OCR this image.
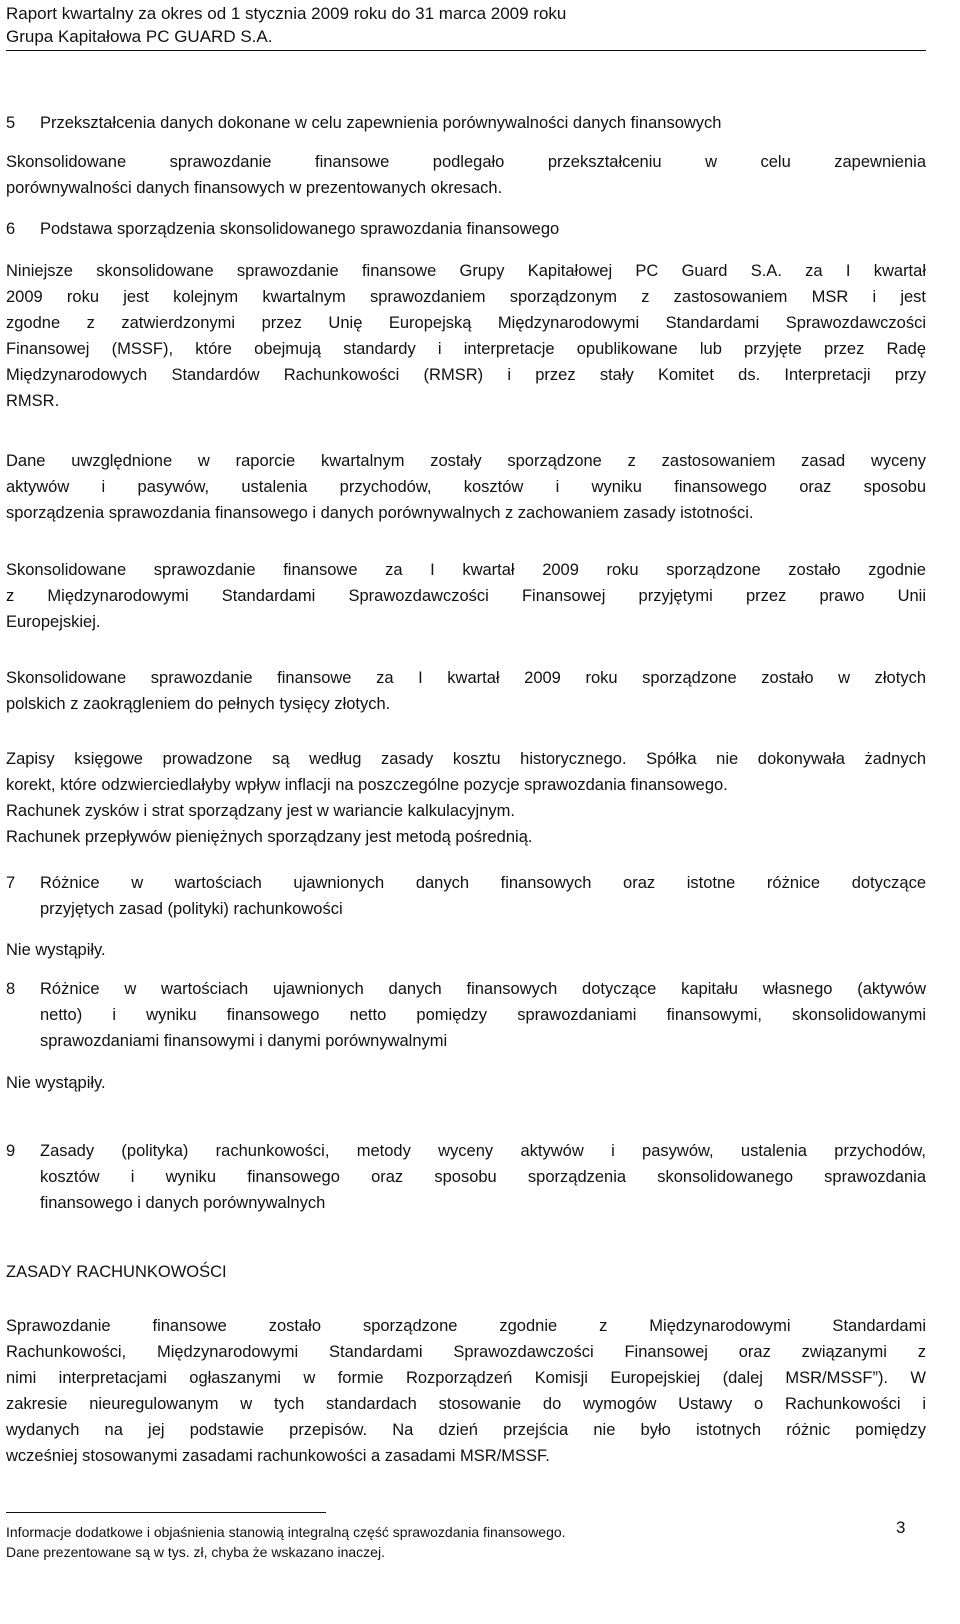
Raport kwartalny za okres od 1 stycznia 2009 roku do 31 marca 2009 roku
Grupa Kapitałowa PC GUARD S.A.
5 Przekształcenia danych dokonane w celu zapewnienia porównywalności danych finansowych
Skonsolidowane sprawozdanie finansowe podlegało przekształceniu w celu zapewnienia
porównywalności danych finansowych w prezentowanych okresach.
6 Podstawa sporządzenia skonsolidowanego sprawozdania finansowego
Niniejsze skonsolidowane sprawozdanie finansowe Grupy Kapitałowej PC Guard S.A. za I kwartał
2009 roku jest kolejnym kwartalnym sprawozdaniem sporządzonym z zastosowaniem MSR i jest
zgodne z zatwierdzonymi przez Unię Europejską Międzynarodowymi Standardami Sprawozdawczości
Finansowej (MSSF), które obejmują standardy i interpretacje opublikowane lub przyjęte przez Radę
Międzynarodowych Standardów Rachunkowości (RMSR) i przez stały Komitet ds. Interpretacji przy
RMSR.
Dane uwzględnione w raporcie kwartalnym zostały sporządzone z zastosowaniem zasad wyceny
aktywów i pasywów, ustalenia przychodów, kosztów i wyniku finansowego oraz sposobu
sporządzenia sprawozdania finansowego i danych porównywalnych z zachowaniem zasady istotności.
Skonsolidowane sprawozdanie finansowe za I kwartał 2009 roku sporządzone zostało zgodnie
z Międzynarodowymi Standardami Sprawozdawczości Finansowej przyjętymi przez prawo Unii
Europejskiej.
Skonsolidowane sprawozdanie finansowe za I kwartał 2009 roku sporządzone zostało w złotych
polskich z zaokrągleniem do pełnych tysięcy złotych.
Zapisy księgowe prowadzone są według zasady kosztu historycznego. Spółka nie dokonywała żadnych
korekt, które odzwierciedlałyby wpływ inflacji na poszczególne pozycje sprawozdania finansowego.
Rachunek zysków i strat sporządzany jest w wariancie kalkulacyjnym.
Rachunek przepływów pieniężnych sporządzany jest metodą pośrednią.
7 Różnice w wartościach ujawnionych danych finansowych oraz istotne różnice dotyczące
przyjętych zasad (polityki) rachunkowości
Nie wystąpiły.
8 Różnice w wartościach ujawnionych danych finansowych dotyczące kapitału własnego (aktywów
netto) i wyniku finansowego netto pomiędzy sprawozdaniami finansowymi, skonsolidowanymi
sprawozdaniami finansowymi i danymi porównywalnymi
Nie wystąpiły.
9 Zasady (polityka) rachunkowości, metody wyceny aktywów i pasywów, ustalenia przychodów,
kosztów i wyniku finansowego oraz sposobu sporządzenia skonsolidowanego sprawozdania
finansowego i danych porównywalnych
ZASADY RACHUNKOWOŚCI
Sprawozdanie finansowe zostało sporządzone zgodnie z Międzynarodowymi Standardami
Rachunkowości, Międzynarodowymi Standardami Sprawozdawczości Finansowej oraz związanymi z
nimi interpretacjami ogłaszanymi w formie Rozporządzeń Komisji Europejskiej (dalej MSR/MSSF”). W
zakresie nieuregulowanym w tych standardach stosowanie do wymogów Ustawy o Rachunkowości i
wydanych na jej podstawie przepisów. Na dzień przejścia nie było istotnych różnic pomiędzy
wcześniej stosowanymi zasadami rachunkowości a zasadami MSR/MSSF.
Informacje dodatkowe i objaśnienia stanowią integralną część sprawozdania finansowego.
Dane prezentowane są w tys. zł, chyba że wskazano inaczej.
3
